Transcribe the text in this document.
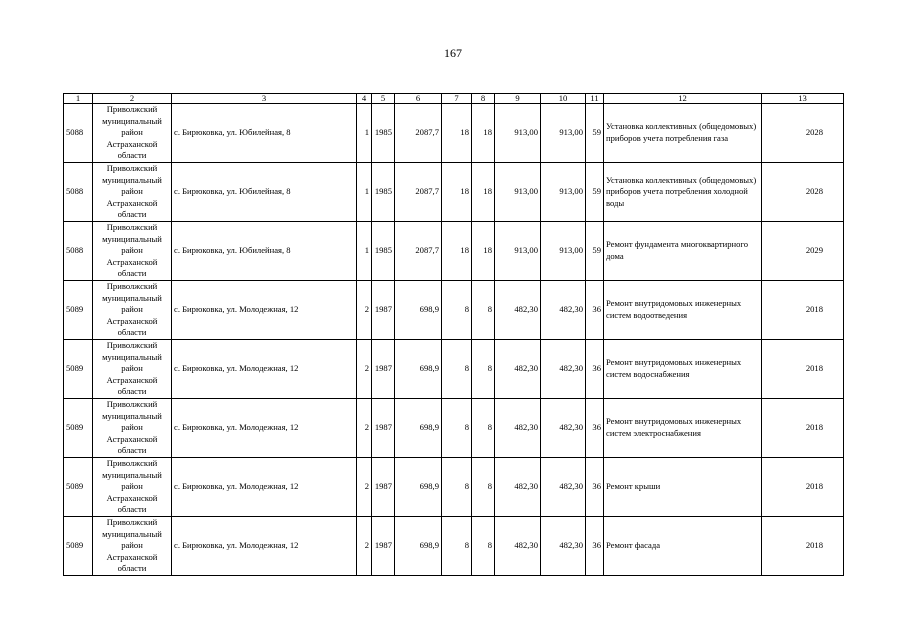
167
1	2	3	4	5	6	7	8	9	10	11	12	13
5088	Приволжский муниципальный район Астраханской области	с. Бирюковка, ул. Юбилейная, 8	1	1985	2087,7	18	18	913,00	913,00	59	Установка коллективных (общедомовых) приборов учета потребления газа	2028
5088	Приволжский муниципальный район Астраханской области	с. Бирюковка, ул. Юбилейная, 8	1	1985	2087,7	18	18	913,00	913,00	59	Установка коллективных (общедомовых) приборов учета потребления холодной воды	2028
5088	Приволжский муниципальный район Астраханской области	с. Бирюковка, ул. Юбилейная, 8	1	1985	2087,7	18	18	913,00	913,00	59	Ремонт фундамента многоквартирного дома	2029
5089	Приволжский муниципальный район Астраханской области	с. Бирюковка, ул. Молодежная, 12	2	1987	698,9	8	8	482,30	482,30	36	Ремонт внутридомовых инженерных систем водоотведения	2018
5089	Приволжский муниципальный район Астраханской области	с. Бирюковка, ул. Молодежная, 12	2	1987	698,9	8	8	482,30	482,30	36	Ремонт внутридомовых инженерных систем водоснабжения	2018
5089	Приволжский муниципальный район Астраханской области	с. Бирюковка, ул. Молодежная, 12	2	1987	698,9	8	8	482,30	482,30	36	Ремонт внутридомовых инженерных систем электроснабжения	2018
5089	Приволжский муниципальный район Астраханской области	с. Бирюковка, ул. Молодежная, 12	2	1987	698,9	8	8	482,30	482,30	36	Ремонт крыши	2018
5089	Приволжский муниципальный район Астраханской области	с. Бирюковка, ул. Молодежная, 12	2	1987	698,9	8	8	482,30	482,30	36	Ремонт фасада	2018
